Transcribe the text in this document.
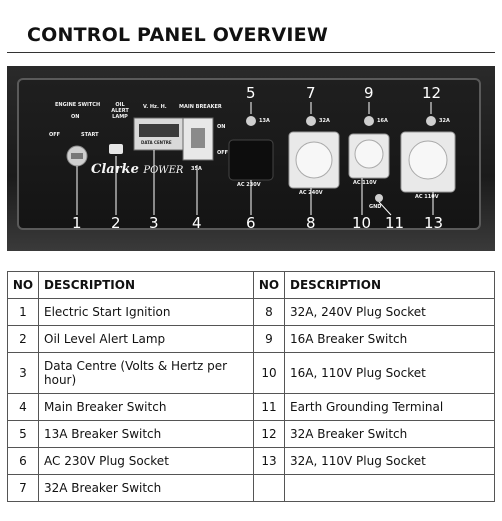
CONTROL PANEL OVERVIEW
Clarke POWER
ENGINE SWITCH
ON
OFF	START
OIL ALERT LAMP
V. Hz. H.
DATA CENTRE
MAIN BREAKER
ON
OFF
35A
13A	32A	16A	32A
AC 230V
AC 240V
AC 110V
AC 110V
GND
1 2 3 4
5
6
7
8
9
10 11
12
13
NO	DESCRIPTION	NO	DESCRIPTION
1	Electric Start Ignition	8	32A, 240V Plug Socket
2	Oil Level Alert Lamp	9	16A Breaker Switch
3	Data Centre (Volts & Hertz per hour)	10	16A, 110V Plug Socket
4	Main Breaker Switch	11	Earth Grounding Terminal
5	13A Breaker Switch	12	32A Breaker Switch
6	AC 230V Plug Socket	13	32A, 110V Plug Socket
7	32A Breaker Switch		
